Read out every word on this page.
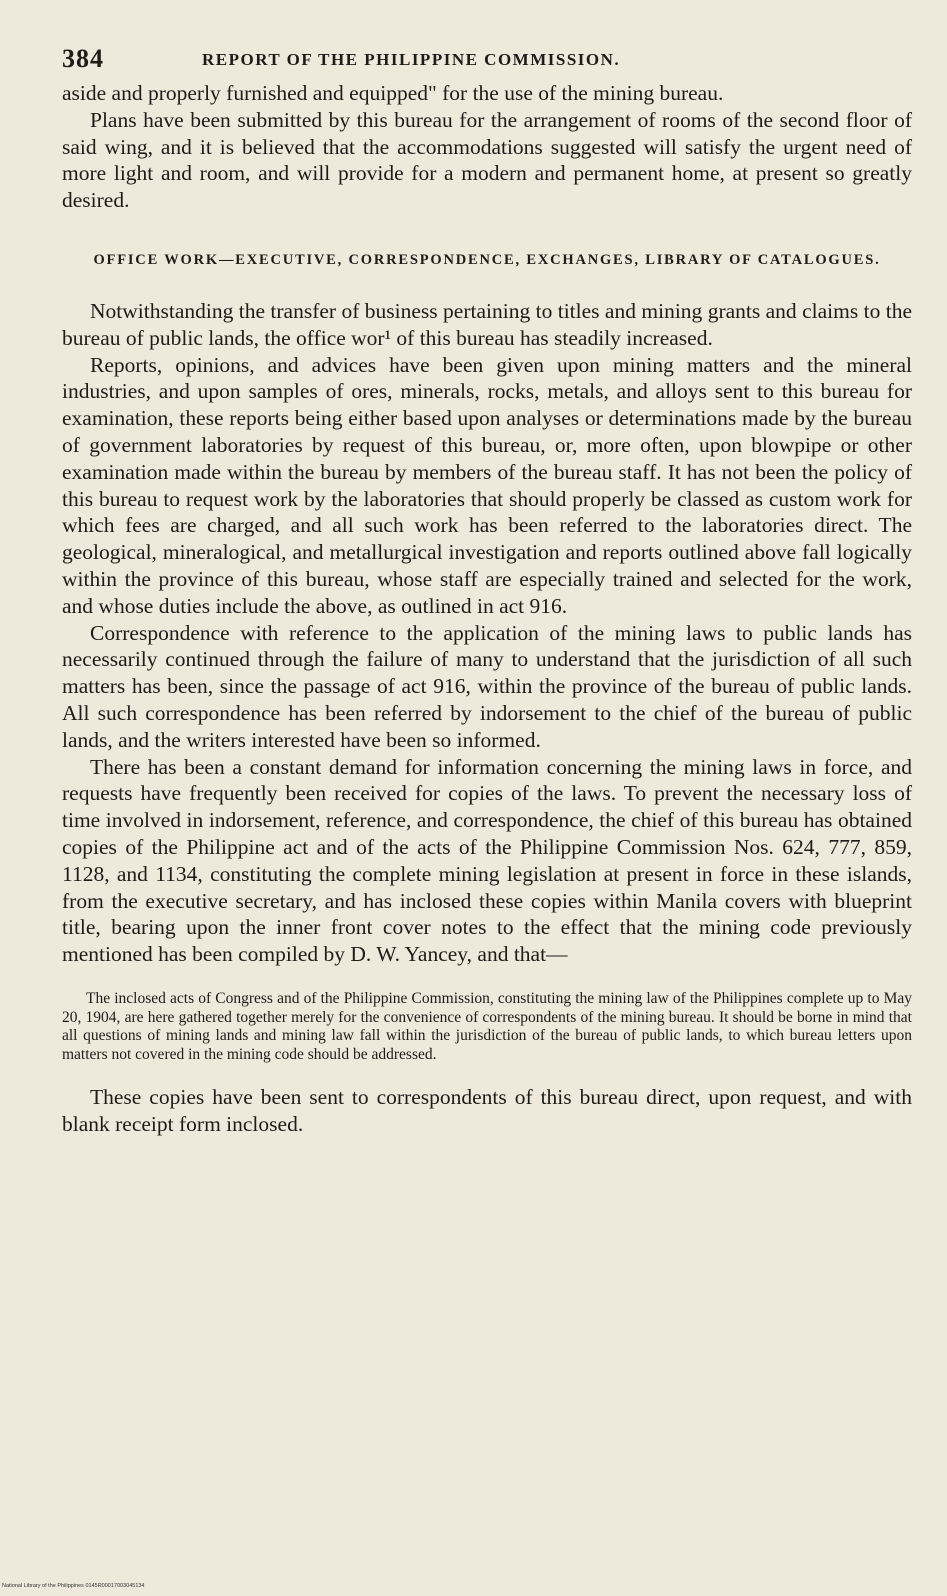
384	REPORT OF THE PHILIPPINE COMMISSION.

aside and properly furnished and equipped" for the use of the mining bureau.

Plans have been submitted by this bureau for the arrangement of rooms of the second floor of said wing, and it is believed that the accommodations suggested will satisfy the urgent need of more light and room, and will provide for a modern and permanent home, at present so greatly desired.

OFFICE WORK—EXECUTIVE, CORRESPONDENCE, EXCHANGES, LIBRARY OF CATALOGUES.

Notwithstanding the transfer of business pertaining to titles and mining grants and claims to the bureau of public lands, the office wor¹ of this bureau has steadily increased.

Reports, opinions, and advices have been given upon mining matters and the mineral industries, and upon samples of ores, minerals, rocks, metals, and alloys sent to this bureau for examination, these reports being either based upon analyses or determinations made by the bureau of government laboratories by request of this bureau, or, more often, upon blowpipe or other examination made within the bureau by members of the bureau staff. It has not been the policy of this bureau to request work by the laboratories that should properly be classed as custom work for which fees are charged, and all such work has been referred to the laboratories direct. The geological, mineralogical, and metallurgical investigation and reports outlined above fall logically within the province of this bureau, whose staff are especially trained and selected for the work, and whose duties include the above, as outlined in act 916.

Correspondence with reference to the application of the mining laws to public lands has necessarily continued through the failure of many to understand that the jurisdiction of all such matters has been, since the passage of act 916, within the province of the bureau of public lands. All such correspondence has been referred by indorsement to the chief of the bureau of public lands, and the writers interested have been so informed.

There has been a constant demand for information concerning the mining laws in force, and requests have frequently been received for copies of the laws. To prevent the necessary loss of time involved in indorsement, reference, and correspondence, the chief of this bureau has obtained copies of the Philippine act and of the acts of the Philippine Commission Nos. 624, 777, 859, 1128, and 1134, constituting the complete mining legislation at present in force in these islands, from the executive secretary, and has inclosed these copies within Manila covers with blueprint title, bearing upon the inner front cover notes to the effect that the mining code previously mentioned has been compiled by D. W. Yancey, and that—

The inclosed acts of Congress and of the Philippine Commission, constituting the mining law of the Philippines complete up to May 20, 1904, are here gathered together merely for the convenience of correspondents of the mining bureau. It should be borne in mind that all questions of mining lands and mining law fall within the jurisdiction of the bureau of public lands, to which bureau letters upon matters not covered in the mining code should be addressed.

These copies have been sent to correspondents of this bureau direct, upon request, and with blank receipt form inclosed.

National Library of the Philippines 0145R00017003045134
